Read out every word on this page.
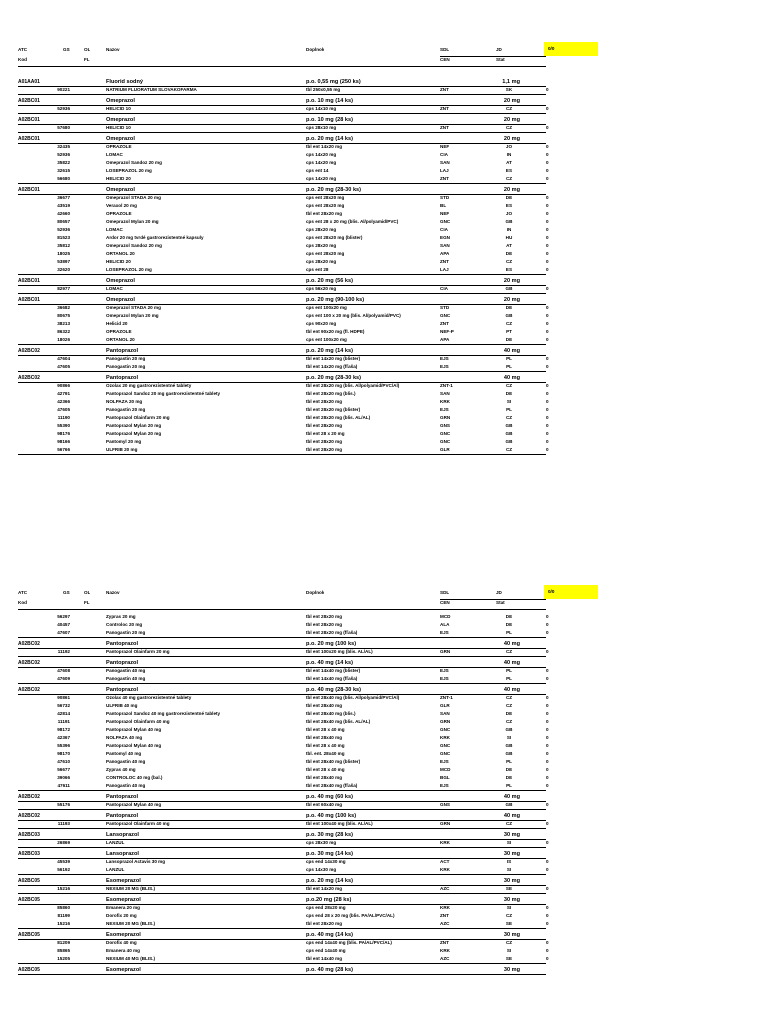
ATC	GS	OL	Nazov	Doplnok	SDL	JD
Kod	FL	CEN	Stat
0/0
A01AA01	Fluorid sodný	p.o. 0,55 mg (250 ks)	1,1 mg
90221	NATRIUM FLUORATUM SLOVAKOFARMA	tbl 250x0,55 mg	ZNT	SK	0
A02BC01	Omeprazol	p.o. 10 mg (14 ks)	20 mg
52936	HELICID 10	cps 14x10 mg	ZNT	CZ	0
A02BC01	Omeprazol	p.o. 10 mg (28 ks)	20 mg
57680	HELICID 10	cps 28x10 mg	ZNT	CZ	0
A02BC01	Omeprazol	p.o. 20 mg (14 ks)	20 mg
32435	OPRAZOLE	tbl ent 14x20 mg	NEF	JO	0
52936	LOMAC	cps 14x20 mg	CIA	IN	0
35822	Omeprazol Sandoz 20 mg	cps 14x20 mg	SAN	AT	0
32615	LOSEPRAZOL 20 mg	cps ent 14	LAJ	ES	0
56680	HELICID 20	cps 14x20 mg	ZNT	CZ	0
A02BC01	Omeprazol	p.o. 20 mg (28-30 ks)	20 mg
36677	Omeprazol STADA 20 mg	cps ent 28x20 mg	STD	DE	0
43519	Veraxol 20 mg	cps ent 28x20 mg	BL	ES	0
42660	OPRAZOLE	tbl ent 28x20 mg	NEF	JO	0
80657	Omeprazol Mylan 20 mg	cps ent 28 x 20 mg (blis. Al/polyamid/PVC)	GNC	GB	0
52936	LOMAC	cps 28x20 mg	CIA	IN	0
81523	Ardor 20 mg tvrdé gastrorezistentné kapsuly	cps ent 28x20 mg (blister)	EGN	HU	0
35812	Omeprazol Sandoz 20 mg	cps 28x20 mg	SAN	AT	0
18025	ORTANOL 20	cps ent 28x20 mg	APA	DE	0
53897	HELICID 20	cps 28x20 mg	ZNT	CZ	0
32620	LOSEPRAZOL 20 mg	cps ent 28	LAJ	ES	0
A02BC01	Omeprazol	p.o. 20 mg (56 ks)	20 mg
82977	LOMAC	cps 56x20 mg	CIA	GB	0
A02BC01	Omeprazol	p.o. 20 mg (90-100 ks)	20 mg
36682	Omeprazol STADA 20 mg	cps ent 100x20 mg	STD	DE	0
80675	Omeprazol Mylan 20 mg	cps ent 100 x 20 mg (blis. Al/polyamid/PVC)	GNC	GB	0
38213	Helicid 20	cps 90x20 mg	ZNT	CZ	0
86322	OPRAZOLE	tbl ent 90x20 mg (fl. HDPE)	NEF-P	PT	0
18026	ORTANOL 20	cps ent 100x20 mg	APA	DE	0
A02BC02	Pantoprazol	p.o. 20 mg (14 ks)	40 mg
47604	Panogastin 20 mg	tbl ent 14x20 mg (blister)	EJS	PL	0
47605	Panogastin 20 mg	tbl ent 14x20 mg (fľaša)	EJS	PL	0
A02BC02	Pantoprazol	p.o. 20 mg (28-30 ks)	40 mg
90866	Ozolax 20 mg gastrorezistentné tablety	tbl ent 28x20 mg (blis. Al/polyamid/PVC/Al)	ZNT-1	CZ	0
42791	Pantoprazol Sandoz 20 mg gastrorezistentné tablety	tbl ent 28x20 mg (blis.)	SAN	DE	0
42366	NOLPAZA 20 mg	tbl ent 28x20 mg	KRK	SI	0
47605	Panogastin 20 mg	tbl ent 28x20 mg (blister)	EJS	PL	0
11190	Pantoprazol Olainfarm 20 mg	tbl ent 28x20 mg (blis. AL/AL)	GRN	CZ	0
55390	Pantoprazol Mylan 20 mg	tbl ent 28x20 mg	GNS	GB	0
98176	Pantoprazol Mylan 20 mg	tbl ent 28 x 20 mg	GNC	GB	0
98166	Pantomyl 20 mg	tbl ent 28x20 mg	GNC	GB	0
56766	ULFRIB 20 mg	tbl ent 28x20 mg	GLR	CZ	0
ATC	GS	OL	Nazov	Doplnok	SDL	JD
Kod	FL	CEN	Stat
0/0
56297	Zypras 20 mg	tbl ent 28x20 mg	MCD	DE	0
40457	Controloc 20 mg	tbl ent 28x20 mg	ALA	DE	0
47607	Panogastin 20 mg	tbl ent 28x20 mg (fľaša)	EJS	PL	0
A02BC02	Pantoprazol	p.o. 20 mg (100 ks)	40 mg
11192	Pantoprazol Olainfarm 20 mg	tbl ent 100x20 mg (blis. AL/AL)	GRN	CZ	0
A02BC02	Pantoprazol	p.o. 40 mg (14 ks)	40 mg
47608	Panogastin 40 mg	tbl ent 14x40 mg (blister)	EJS	PL	0
47609	Panogastin 40 mg	tbl ent 14x40 mg (fľaša)	EJS	PL	0
A02BC02	Pantoprazol	p.o. 40 mg (28-30 ks)	40 mg
90861	Ozolax 40 mg gastrorezistentné tablety	tbl ent 28x40 mg (blis. Al/polyamid/PVC/Al)	ZNT-1	CZ	0
56732	ULFRIB 40 mg	tbl ent 28x40 mg	GLR	CZ	0
42814	Pantoprazol Sandoz 40 mg gastrorezistentné tablety	tbl ent 28x40 mg (blis.)	SAN	DE	0
11191	Pantoprazol Olainfarm 40 mg	tbl ent 28x40 mg (blis. AL/AL)	GRN	CZ	0
98172	Pantoprazol Mylan 40 mg	tbl ent 28 x 40 mg	GNC	GB	0
42367	NOLPAZA 40 mg	tbl ent 28x40 mg	KRK	SI	0
55396	Pantoprazol Mylan 40 mg	tbl ent 28 x 40 mg	GNC	GB	0
98170	Pantomyl 40 mg	tbl. ent. 28x40 mg	GNC	GB	0
47610	Panogastin 40 mg	tbl ent 28x40 mg (blister)	EJS	PL	0
56677	Zypras 40 mg	tbl ent 28 x 40 mg	MCD	DE	0
39066	CONTROLOC 40 mg (bal.)	tbl ent 28x40 mg	BGL	DE	0
47611	Panogastin 40 mg	tbl ent 28x40 mg (fľaša)	EJS	PL	0
A02BC02	Pantoprazol	p.o. 40 mg (60 ks)	40 mg
55176	Pantoprazol Mylan 40 mg	tbl ent 60x40 mg	GNS	GB	0
A02BC02	Pantoprazol	p.o. 40 mg (100 ks)	40 mg
11193	Pantoprazol Olainfarm 40 mg	tbl ent 100x40 mg (blis. AL/AL)	GRN	CZ	0
A02BC03	Lansoprazol	p.o. 30 mg (28 ks)	30 mg
26869	LANZUL	cps 28x30 mg	KRK	SI	0
A02BC03	Lansoprazol	p.o. 30 mg (14 ks)	30 mg
45539	Lansoprazol Actavis 30 mg	cps end 14x30 mg	ACT	IS	0
56192	LANZUL	cps 14x30 mg	KRK	SI	0
A02BC05	Esomeprazol	p.o. 20 mg (14 ks)	30 mg
15216	NEXIUM 20 MG (BLIS.)	tbl ent 14x20 mg	AZC	SE	0
A02BC05	Esomeprazol	p.o.20 mg (28 ks)	30 mg
85860	Emanera 20 mg	cps end 28x20 mg	KRK	SI	0
81199	Dorofix 20 mg	cps end 28 x 20 mg (blis. PA/AL/PVC/AL)	ZNT	CZ	0
15216	NEXIUM 20 MG (BLIS.)	tbl ent 28x20 mg	AZC	SE	0
A02BC05	Esomeprazol	p.o. 40 mg (14 ks)	30 mg
81209	Dorofix 40 mg	cps end 14x40 mg (blis. PA/AL/PVC/AL)	ZNT	CZ	0
85865	Emanera 40 mg	cps end 14x40 mg	KRK	SI	0
15205	NEXIUM 40 MG (BLIS.)	tbl ent 14x40 mg	AZC	SE	0
A02BC05	Esomeprazol	p.o. 40 mg (28 ks)	30 mg
